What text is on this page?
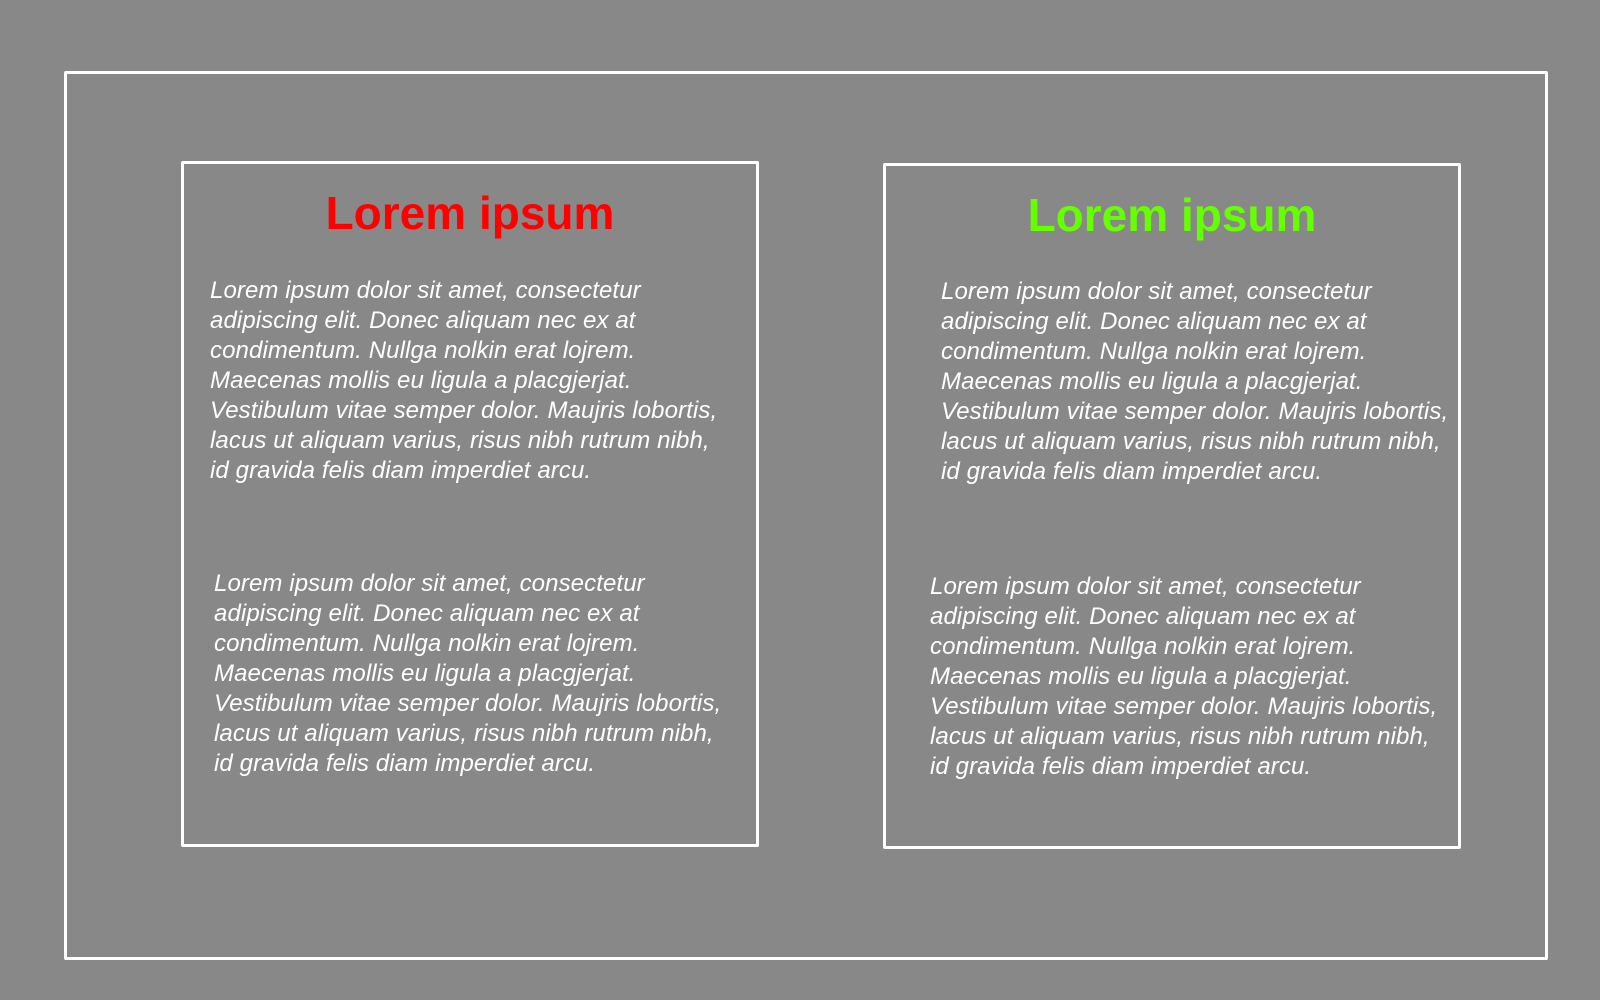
Lorem ipsum

Lorem ipsum dolor sit amet, consectetur adipiscing elit. Donec aliquam nec ex at condimentum. Nullga nolkin erat lojrem. Maecenas mollis eu ligula a placgjerjat. Vestibulum vitae semper dolor. Maujris lobortis, lacus ut aliquam varius, risus nibh rutrum nibh, id gravida felis diam imperdiet arcu.

Lorem ipsum dolor sit amet, consectetur adipiscing elit. Donec aliquam nec ex at condimentum. Nullga nolkin erat lojrem. Maecenas mollis eu ligula a placgjerjat. Vestibulum vitae semper dolor. Maujris lobortis, lacus ut aliquam varius, risus nibh rutrum nibh, id gravida felis diam imperdiet arcu.

Lorem ipsum

Lorem ipsum dolor sit amet, consectetur adipiscing elit. Donec aliquam nec ex at condimentum. Nullga nolkin erat lojrem. Maecenas mollis eu ligula a placgjerjat. Vestibulum vitae semper dolor. Maujris lobortis, lacus ut aliquam varius, risus nibh rutrum nibh, id gravida felis diam imperdiet arcu.

Lorem ipsum dolor sit amet, consectetur adipiscing elit. Donec aliquam nec ex at condimentum. Nullga nolkin erat lojrem. Maecenas mollis eu ligula a placgjerjat. Vestibulum vitae semper dolor. Maujris lobortis, lacus ut aliquam varius, risus nibh rutrum nibh, id gravida felis diam imperdiet arcu.
